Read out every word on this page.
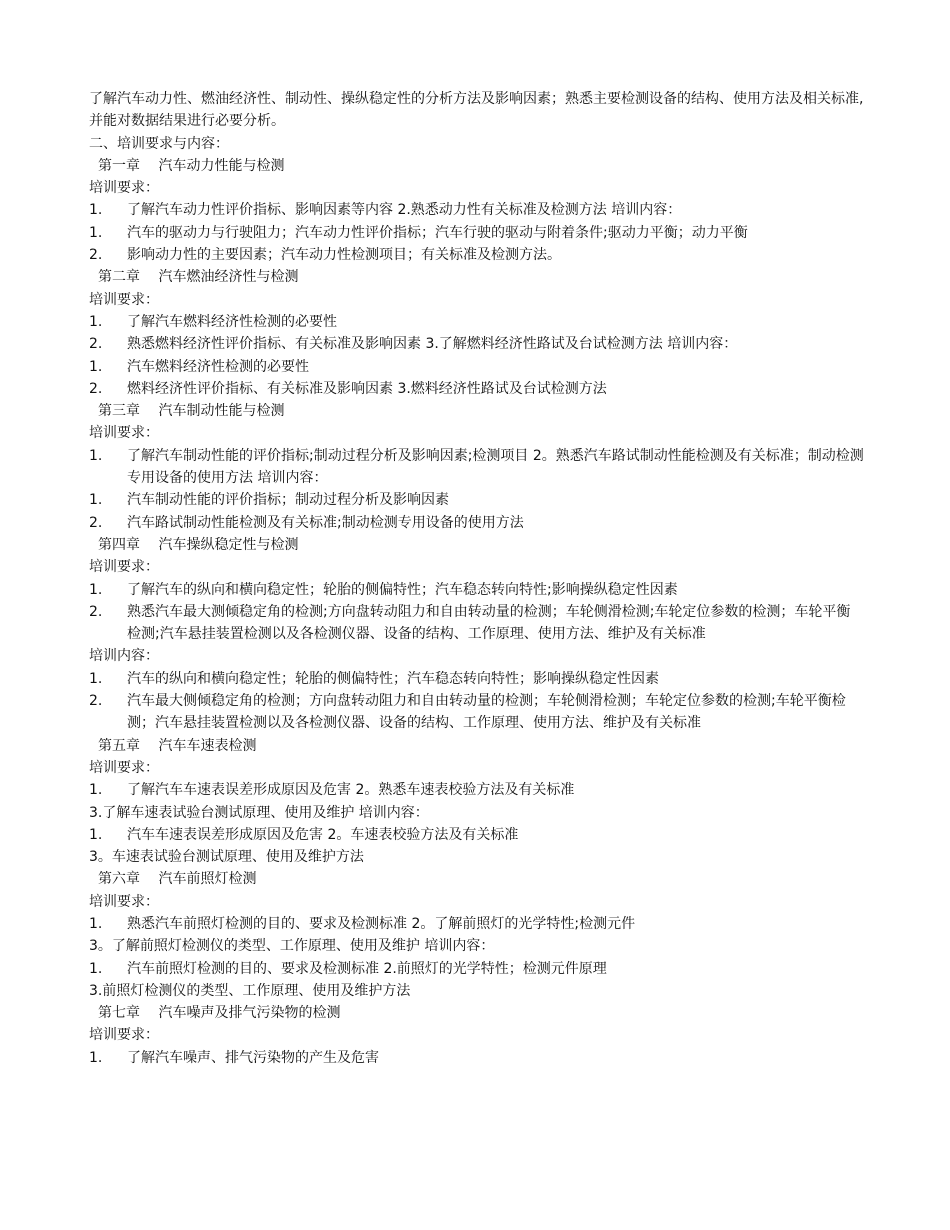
了解汽车动力性、燃油经济性、制动性、操纵稳定性的分析方法及影响因素；熟悉主要检测设备的结构、使用方法及相关标准,并能对数据结果进行必要分析。
二、培训要求与内容：
第一章　 汽车动力性能与检测
培训要求：
1.	了解汽车动力性评价指标、影响因素等内容 2.熟悉动力性有关标准及检测方法 培训内容：
1.	汽车的驱动力与行驶阻力；汽车动力性评价指标；汽车行驶的驱动与附着条件;驱动力平衡；动力平衡
2.	影响动力性的主要因素；汽车动力性检测项目；有关标准及检测方法。
第二章　 汽车燃油经济性与检测
培训要求：
1.	了解汽车燃料经济性检测的必要性
2.	熟悉燃料经济性评价指标、有关标准及影响因素 3.了解燃料经济性路试及台试检测方法 培训内容：
1.	汽车燃料经济性检测的必要性
2.	燃料经济性评价指标、有关标准及影响因素 3.燃料经济性路试及台试检测方法
第三章　 汽车制动性能与检测
培训要求：
1.	了解汽车制动性能的评价指标;制动过程分析及影响因素;检测项目 2。熟悉汽车路试制动性能检测及有关标准；制动检测专用设备的使用方法 培训内容：
1.	汽车制动性能的评价指标；制动过程分析及影响因素
2.	汽车路试制动性能检测及有关标准;制动检测专用设备的使用方法
第四章　 汽车操纵稳定性与检测
培训要求：
1.	了解汽车的纵向和横向稳定性；轮胎的侧偏特性；汽车稳态转向特性;影响操纵稳定性因素
2.	熟悉汽车最大测倾稳定角的检测;方向盘转动阻力和自由转动量的检测；车轮侧滑检测;车轮定位参数的检测；车轮平衡检测;汽车悬挂装置检测以及各检测仪器、设备的结构、工作原理、使用方法、维护及有关标准
培训内容：
1.	汽车的纵向和横向稳定性；轮胎的侧偏特性；汽车稳态转向特性；影响操纵稳定性因素
2.	汽车最大侧倾稳定角的检测；方向盘转动阻力和自由转动量的检测；车轮侧滑检测；车轮定位参数的检测;车轮平衡检测；汽车悬挂装置检测以及各检测仪器、设备的结构、工作原理、使用方法、维护及有关标准
第五章　 汽车车速表检测
培训要求：
1.	了解汽车车速表误差形成原因及危害 2。熟悉车速表校验方法及有关标准
3.了解车速表试验台测试原理、使用及维护 培训内容：
1.	汽车车速表误差形成原因及危害 2。车速表校验方法及有关标准
3。车速表试验台测试原理、使用及维护方法
第六章　 汽车前照灯检测
培训要求：
1.	熟悉汽车前照灯检测的目的、要求及检测标准 2。了解前照灯的光学特性;检测元件
3。了解前照灯检测仪的类型、工作原理、使用及维护 培训内容：
1.	汽车前照灯检测的目的、要求及检测标准 2.前照灯的光学特性；检测元件原理
3.前照灯检测仪的类型、工作原理、使用及维护方法
第七章　 汽车噪声及排气污染物的检测
培训要求：
1.	了解汽车噪声、排气污染物的产生及危害
